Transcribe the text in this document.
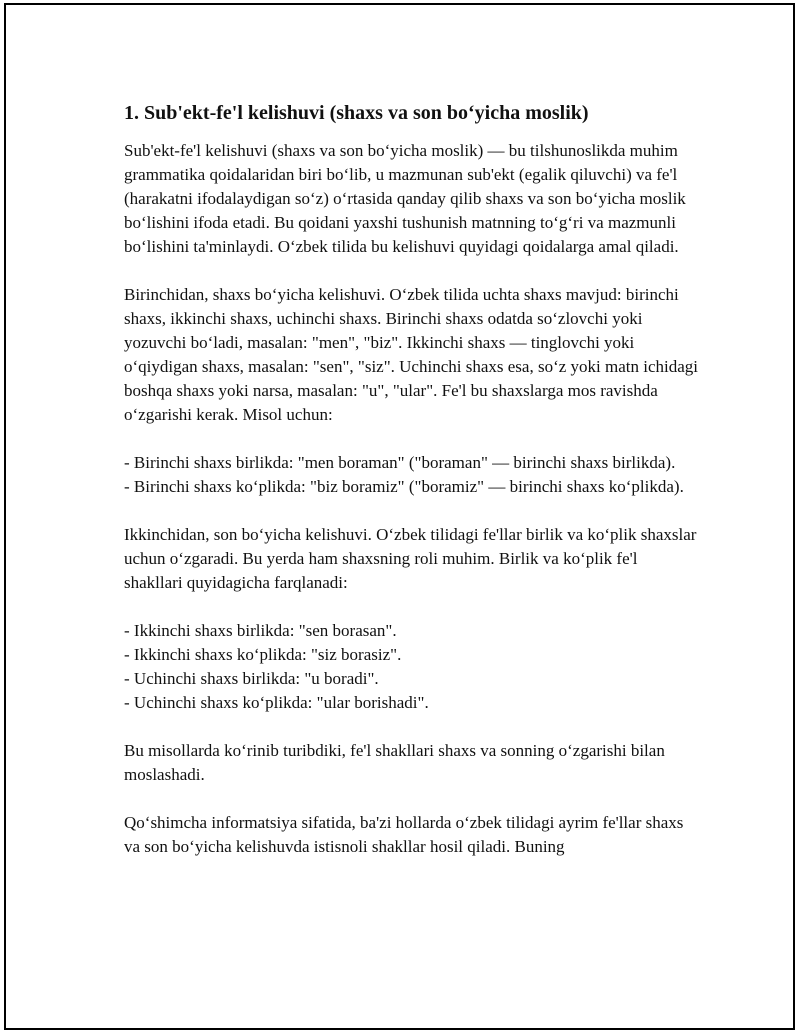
1. Sub'ekt-fe'l kelishuvi (shaxs va son bo‘yicha moslik)

Sub'ekt-fe'l kelishuvi (shaxs va son bo‘yicha moslik) — bu tilshunoslikda muhim grammatika qoidalaridan biri bo‘lib, u mazmunan sub'ekt (egalik qiluvchi) va fe'l (harakatni ifodalaydigan so‘z) o‘rtasida qanday qilib shaxs va son bo‘yicha moslik bo‘lishini ifoda etadi. Bu qoidani yaxshi tushunish matnning to‘g‘ri va mazmunli bo‘lishini ta'minlaydi. O‘zbek tilida bu kelishuvi quyidagi qoidalarga amal qiladi.

Birinchidan, shaxs bo‘yicha kelishuvi. O‘zbek tilida uchta shaxs mavjud: birinchi shaxs, ikkinchi shaxs, uchinchi shaxs. Birinchi shaxs odatda so‘zlovchi yoki yozuvchi bo‘ladi, masalan: "men", "biz". Ikkinchi shaxs — tinglovchi yoki o‘qiydigan shaxs, masalan: "sen", "siz". Uchinchi shaxs esa, so‘z yoki matn ichidagi boshqa shaxs yoki narsa, masalan: "u", "ular". Fe'l bu shaxslarga mos ravishda o‘zgarishi kerak. Misol uchun:

- Birinchi shaxs birlikda: "men boraman" ("boraman" — birinchi shaxs birlikda).
- Birinchi shaxs ko‘plikda: "biz boramiz" ("boramiz" — birinchi shaxs ko‘plikda).

Ikkinchidan, son bo‘yicha kelishuvi. O‘zbek tilidagi fe'llar birlik va ko‘plik shaxslar uchun o‘zgaradi. Bu yerda ham shaxsning roli muhim. Birlik va ko‘plik fe'l shakllari quyidagicha farqlanadi:

- Ikkinchi shaxs birlikda: "sen borasan".
- Ikkinchi shaxs ko‘plikda: "siz borasiz".
- Uchinchi shaxs birlikda: "u boradi".
- Uchinchi shaxs ko‘plikda: "ular borishadi".

Bu misollarda ko‘rinib turibdiki, fe'l shakllari shaxs va sonning o‘zgarishi bilan moslashadi.

Qo‘shimcha informatsiya sifatida, ba'zi hollarda o‘zbek tilidagi ayrim fe'llar shaxs va son bo‘yicha kelishuvda istisnoli shakllar hosil qiladi. Buning
